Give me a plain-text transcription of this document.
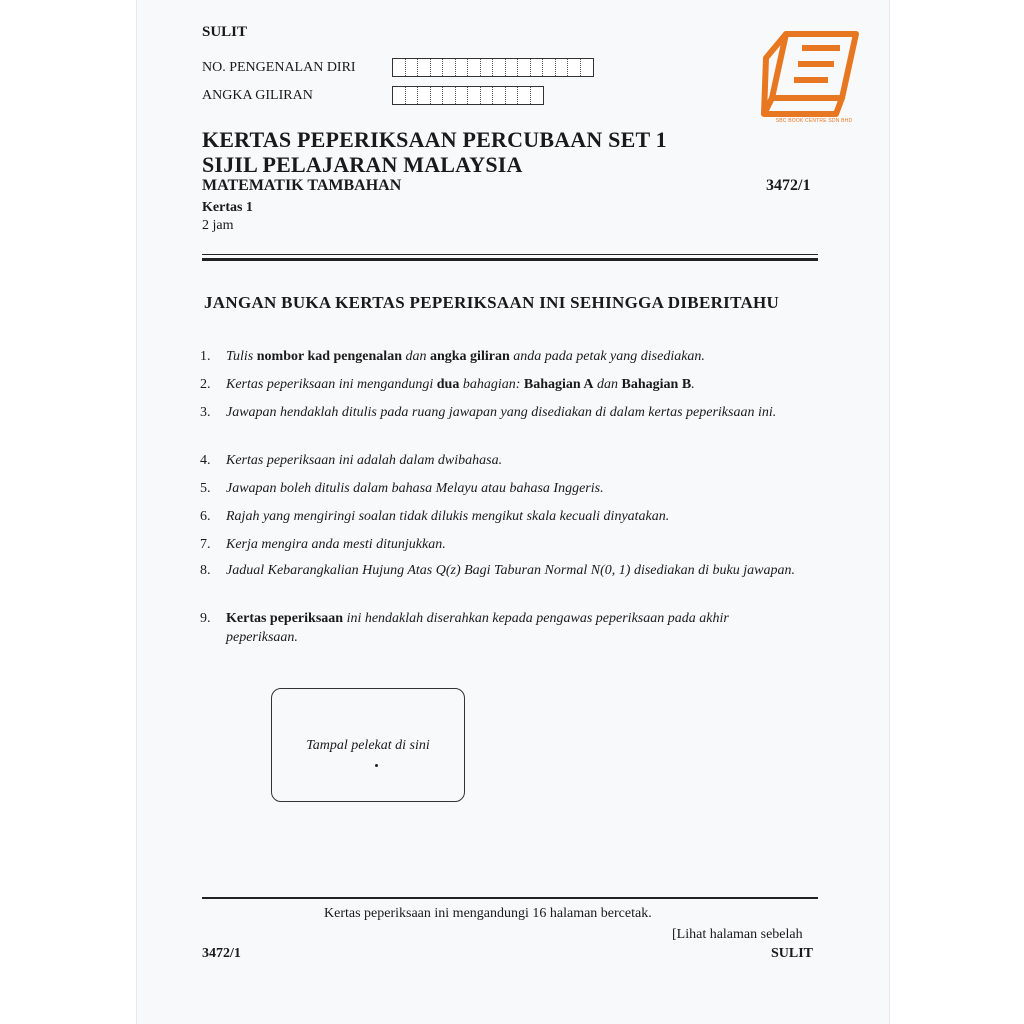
SBC BOOK CENTRE SDN BHD
SULIT
NO. PENGENALAN DIRI
ANGKA GILIRAN
KERTAS PEPERIKSAAN PERCUBAAN SET 1
SIJIL PELAJARAN MALAYSIA
MATEMATIK TAMBAHAN	3472/1
Kertas 1
2 jam
JANGAN BUKA KERTAS PEPERIKSAAN INI SEHINGGA DIBERITAHU
1.	Tulis nombor kad pengenalan dan angka giliran anda pada petak yang disediakan.
2.	Kertas peperiksaan ini mengandungi dua bahagian: Bahagian A dan Bahagian B.
3.	Jawapan hendaklah ditulis pada ruang jawapan yang disediakan di dalam kertas peperiksaan ini.
4.	Kertas peperiksaan ini adalah dalam dwibahasa.
5.	Jawapan boleh ditulis dalam bahasa Melayu atau bahasa Inggeris.
6.	Rajah yang mengiringi soalan tidak dilukis mengikut skala kecuali dinyatakan.
7.	Kerja mengira anda mesti ditunjukkan.
8.	Jadual Kebarangkalian Hujung Atas Q(z) Bagi Taburan Normal N(0, 1) disediakan di buku jawapan.
9.	Kertas peperiksaan ini hendaklah diserahkan kepada pengawas peperiksaan pada akhir peperiksaan.
Tampal pelekat di sini
Kertas peperiksaan ini mengandungi 16 halaman bercetak.
[Lihat halaman sebelah
3472/1	SULIT
